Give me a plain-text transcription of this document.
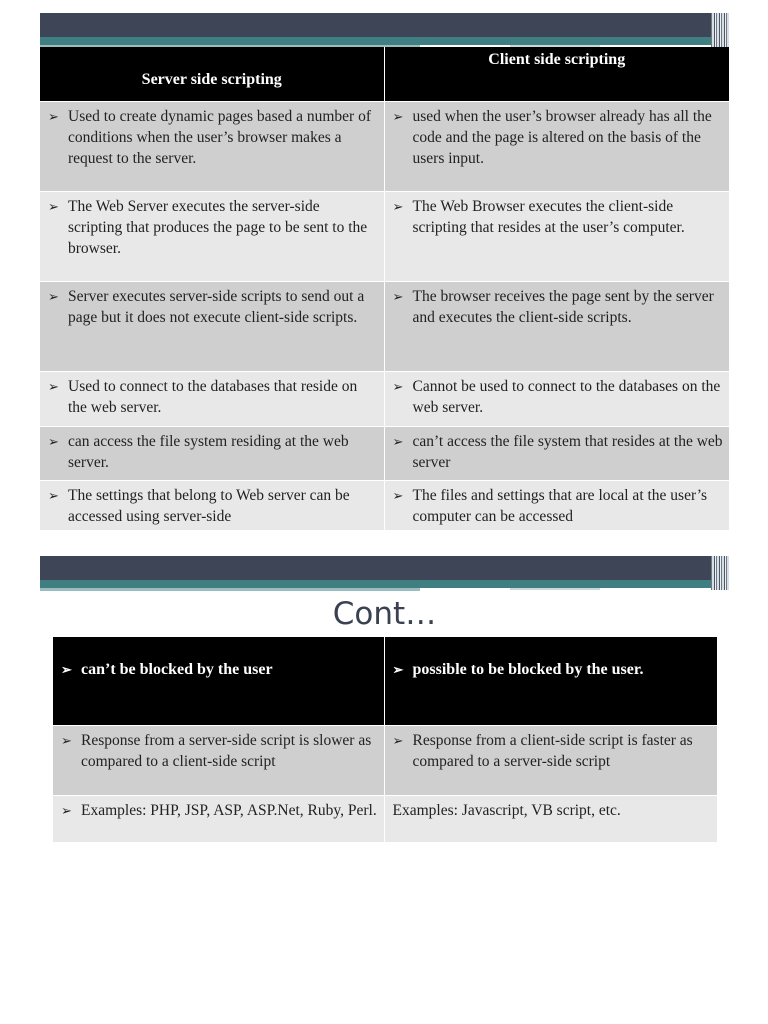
Server side scripting	Client side scripting

➢ Used to create dynamic pages based a number of conditions when the user’s browser makes a request to the server.	➢ used when the user’s browser already has all the code and the page is altered on the basis of the users input.

➢ The Web Server executes the server-side scripting that produces the page to be sent to the browser.	➢ The Web Browser executes the client-side scripting that resides at the user’s computer.

➢ Server executes server-side scripts to send out a page but it does not execute client-side scripts.	➢ The browser receives the page sent by the server and executes the client-side scripts.

➢ Used to connect to the databases that reside on the web server.	➢ Cannot be used to connect to the databases on the web server.

➢ can access the file system residing at the web server.	➢ can’t access the file system that resides at the web server

➢ The settings that belong to Web server can be accessed using server-side	➢ The files and settings that are local at the user’s computer can be accessed
Cont…
➢ can’t be blocked by the user	➢ possible to be blocked by the user.

➢ Response from a server-side script is slower as compared to a client-side script	➢ Response from a client-side script is faster as compared to a server-side script

➢ Examples: PHP, JSP, ASP, ASP.Net, Ruby, Perl.	Examples: Javascript, VB script, etc.
